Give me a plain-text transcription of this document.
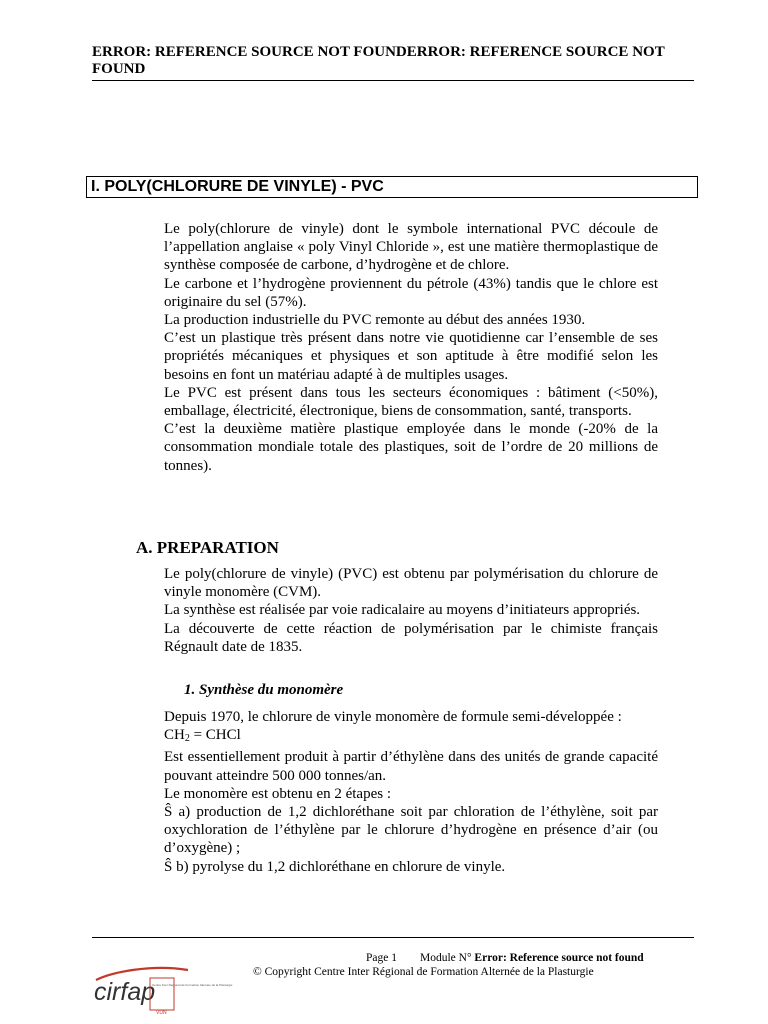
ERROR: REFERENCE SOURCE NOT FOUNDERROR: REFERENCE SOURCE NOT FOUND
I. POLY(CHLORURE DE VINYLE) - PVC

Le poly(chlorure de vinyle) dont le symbole international PVC découle de l’appellation anglaise « poly Vinyl Chloride », est une matière thermoplastique de synthèse composée de carbone, d’hydrogène et de chlore.

Le carbone et l’hydrogène proviennent du pétrole (43%) tandis que le chlore est originaire du sel (57%).

La production industrielle du PVC remonte au début des années 1930.

C’est un plastique très présent dans notre vie quotidienne car l’ensemble de ses propriétés mécaniques et physiques et son aptitude à être modifié selon les besoins en font un matériau adapté à de multiples usages.

Le PVC est présent dans tous les secteurs économiques : bâtiment (<50%), emballage, électricité, électronique, biens de consommation, santé, transports.

C’est la deuxième matière plastique employée dans le monde (-20% de la consommation mondiale totale des plastiques, soit de l’ordre de 20 millions de tonnes).

A. PREPARATION

Le poly(chlorure de vinyle) (PVC) est obtenu par polymérisation du chlorure de vinyle monomère (CVM).

La synthèse est réalisée par voie radicalaire au moyens d’initiateurs appropriés.

La découverte de cette réaction de polymérisation par le chimiste français Régnault date de 1835.

1. Synthèse du monomère

Depuis 1970, le chlorure de vinyle monomère de formule semi-développée :

$CH_2$ = CHCl

Est essentiellement produit à partir d’éthylène dans des unités de grande capacité pouvant atteindre 500 000 tonnes/an.

Le monomère est obtenu en 2 étapes :

Ŝ a) production de 1,2 dichloréthane soit par chloration de l’éthylène, soit par oxychloration de l’éthylène par le chlorure d’hydrogène en présence d’air (ou d’oxygène) ;

Ŝ b) pyrolyse du 1,2 dichloréthane en chlorure de vinyle.

cirfap
Centre Inter Régional de Formation Alternée de la Plasturgie
VDN
Page 1 Module N° Error: Reference source not found
© Copyright Centre Inter Régional de Formation Alternée de la Plasturgie
